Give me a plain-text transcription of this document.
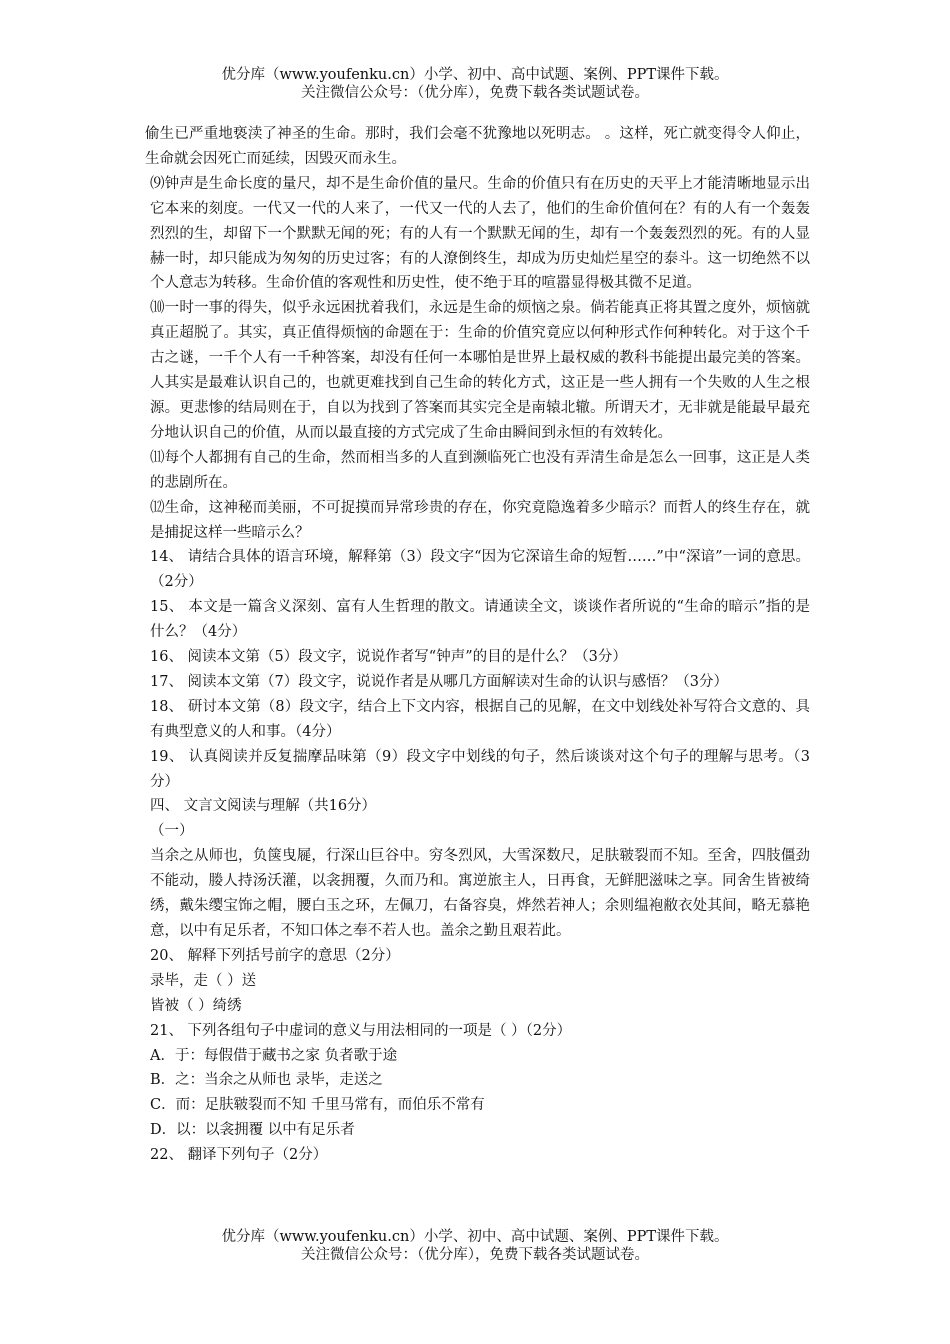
优分库（www.youfenku.cn）小学、初中、高中试题、案例、PPT课件下载。
关注微信公众号：（优分库），免费下载各类试题试卷。

偷生已严重地亵渎了神圣的生命。那时，我们会毫不犹豫地以死明志。 。这样，死亡就变得令人仰止，生命就会因死亡而延续，因毁灭而永生。

⑼钟声是生命长度的量尺，却不是生命价值的量尺。生命的价值只有在历史的天平上才能清晰地显示出它本来的刻度。一代又一代的人来了，一代又一代的人去了，他们的生命价值何在？有的人有一个轰轰烈烈的生，却留下一个默默无闻的死；有的人有一个默默无闻的生，却有一个轰轰烈烈的死。有的人显赫一时，却只能成为匆匆的历史过客；有的人潦倒终生，却成为历史灿烂星空的泰斗。这一切绝然不以个人意志为转移。生命价值的客观性和历史性，使不绝于耳的喧嚣显得极其微不足道。

⑽一时一事的得失，似乎永远困扰着我们，永远是生命的烦恼之泉。倘若能真正将其置之度外，烦恼就真正超脱了。其实，真正值得烦恼的命题在于：生命的价值究竟应以何种形式作何种转化。对于这个千古之谜，一千个人有一千种答案，却没有任何一本哪怕是世界上最权威的教科书能提出最完美的答案。人其实是最难认识自己的，也就更难找到自己生命的转化方式，这正是一些人拥有一个失败的人生之根源。更悲惨的结局则在于，自以为找到了答案而其实完全是南辕北辙。所谓天才，无非就是能最早最充分地认识自己的价值，从而以最直接的方式完成了生命由瞬间到永恒的有效转化。

⑾每个人都拥有自己的生命，然而相当多的人直到濒临死亡也没有弄清生命是怎么一回事，这正是人类的悲剧所在。

⑿生命，这神秘而美丽，不可捉摸而异常珍贵的存在，你究竟隐逸着多少暗示？而哲人的终生存在，就是捕捉这样一些暗示么？

14、 请结合具体的语言环境，解释第（3）段文字“因为它深谙生命的短暂……”中“深谙”一词的意思。（2分）

15、 本文是一篇含义深刻、富有人生哲理的散文。请通读全文，谈谈作者所说的“生命的暗示”指的是什么？（4分）

16、 阅读本文第（5）段文字，说说作者写“钟声”的目的是什么？（3分）

17、 阅读本文第（7）段文字，说说作者是从哪几方面解读对生命的认识与感悟？（3分）

18、 研讨本文第（8）段文字，结合上下文内容，根据自己的见解，在文中划线处补写符合文意的、具有典型意义的人和事。（4分）

19、 认真阅读并反复揣摩品味第（9）段文字中划线的句子，然后谈谈对这个句子的理解与思考。（3分）

四、 文言文阅读与理解（共16分）

（一）

当余之从师也，负箧曳屣，行深山巨谷中。穷冬烈风，大雪深数尺，足肤皲裂而不知。至舍，四肢僵劲不能动，媵人持汤沃灌，以衾拥覆，久而乃和。寓逆旅主人，日再食，无鲜肥滋味之享。同舍生皆被绮绣，戴朱缨宝饰之帽，腰白玉之环，左佩刀，右备容臭，烨然若神人；余则缊袍敝衣处其间，略无慕艳意，以中有足乐者，不知口体之奉不若人也。盖余之勤且艰若此。

20、 解释下列括号前字的意思（2分）

录毕，走（ ）送

皆被（ ）绮绣

21、 下列各组句子中虚词的意义与用法相同的一项是（ ）（2分）

A．于：每假借于藏书之家 负者歌于途

B．之：当余之从师也 录毕，走送之

C．而：足肤皲裂而不知 千里马常有，而伯乐不常有

D．以：以衾拥覆 以中有足乐者

22、 翻译下列句子（2分）

优分库（www.youfenku.cn）小学、初中、高中试题、案例、PPT课件下载。
关注微信公众号：（优分库），免费下载各类试题试卷。
